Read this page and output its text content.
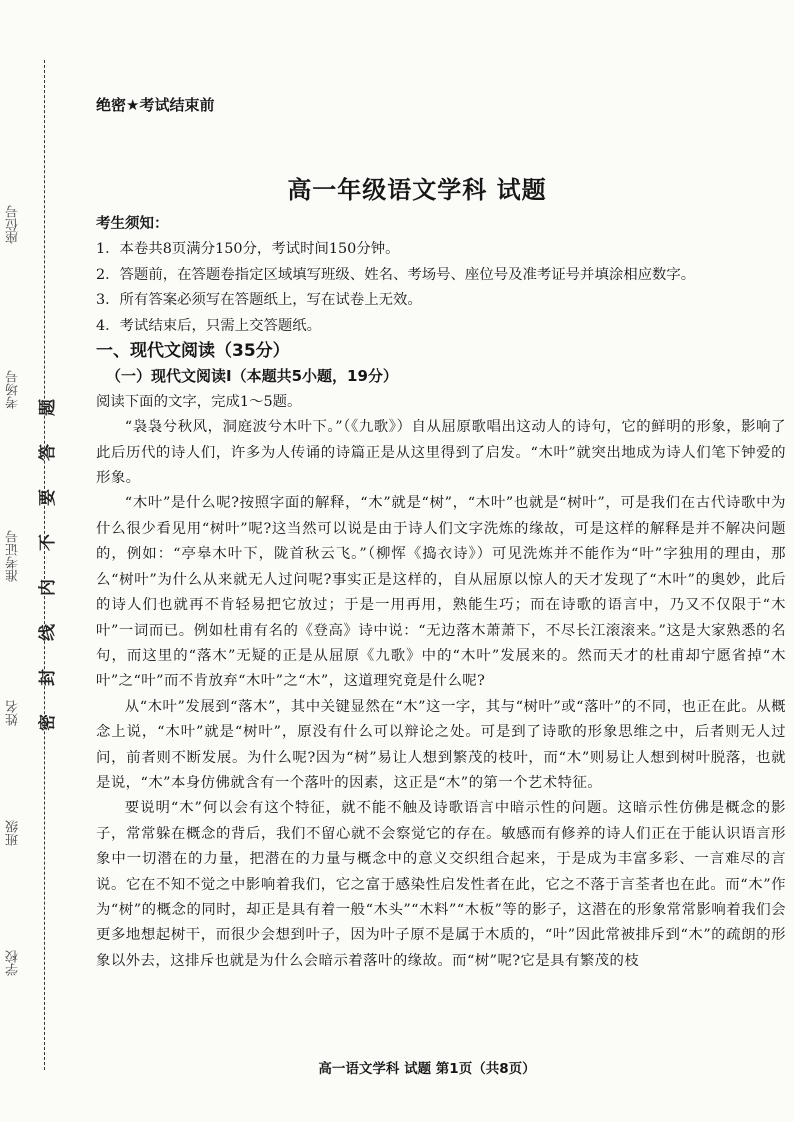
学校
班级
姓名
准考证号
考场号
座位号
密
封
线
内
不
要
答
题
绝密★考试结束前
高一年级语文学科 试题
考生须知：

1．本卷共8页满分150分，考试时间150分钟。

2．答题前，在答题卷指定区域填写班级、姓名、考场号、座位号及准考证号并填涂相应数字。

3．所有答案必须写在答题纸上，写在试卷上无效。

4．考试结束后，只需上交答题纸。

一、现代文阅读（35分）
（一）现代文阅读Ⅰ（本题共5小题，19分）

阅读下面的文字，完成1～5题。

“袅袅兮秋风，洞庭波兮木叶下。”（《九歌》）自从屈原歌唱出这动人的诗句，它的鲜明的形象，影响了此后历代的诗人们，许多为人传诵的诗篇正是从这里得到了启发。“木叶”就突出地成为诗人们笔下钟爱的形象。

“木叶”是什么呢?按照字面的解释，“木”就是“树”，“木叶”也就是“树叶”，可是我们在古代诗歌中为什么很少看见用“树叶”呢?这当然可以说是由于诗人们文字洗炼的缘故，可是这样的解释是并不解决问题的，例如：“亭皋木叶下，陇首秋云飞。”（柳恽《捣衣诗》）可见洗炼并不能作为“叶”字独用的理由，那么“树叶”为什么从来就无人过问呢?事实正是这样的，自从屈原以惊人的天才发现了“木叶”的奥妙，此后的诗人们也就再不肯轻易把它放过；于是一用再用，熟能生巧；而在诗歌的语言中，乃又不仅限于“木叶”一词而已。例如杜甫有名的《登高》诗中说：“无边落木萧萧下，不尽长江滚滚来。”这是大家熟悉的名句，而这里的“落木”无疑的正是从屈原《九歌》中的“木叶”发展来的。然而天才的杜甫却宁愿省掉“木叶”之“叶”而不肯放弃“木叶”之“木”，这道理究竟是什么呢?

从“木叶”发展到“落木”，其中关键显然在“木”这一字，其与“树叶”或“落叶”的不同，也正在此。从概念上说，“木叶”就是“树叶”，原没有什么可以辩论之处。可是到了诗歌的形象思维之中，后者则无人过问，前者则不断发展。为什么呢?因为“树”易让人想到繁茂的枝叶，而“木”则易让人想到树叶脱落，也就是说，“木”本身仿佛就含有一个落叶的因素，这正是“木”的第一个艺术特征。

要说明“木”何以会有这个特征，就不能不触及诗歌语言中暗示性的问题。这暗示性仿佛是概念的影子，常常躲在概念的背后，我们不留心就不会察觉它的存在。敏感而有修养的诗人们正在于能认识语言形象中一切潜在的力量，把潜在的力量与概念中的意义交织组合起来，于是成为丰富多彩、一言难尽的言说。它在不知不觉之中影响着我们，它之富于感染性启发性者在此，它之不落于言荃者也在此。而“木”作为“树”的概念的同时，却正是具有着一般“木头”“木料”“木板”等的影子，这潜在的形象常常影响着我们会更多地想起树干，而很少会想到叶子，因为叶子原不是属于木质的，“叶”因此常被排斥到“木”的疏朗的形象以外去，这排斥也就是为什么会暗示着落叶的缘故。而“树”呢?它是具有繁茂的枝

高一语文学科 试题 第1页（共8页）
